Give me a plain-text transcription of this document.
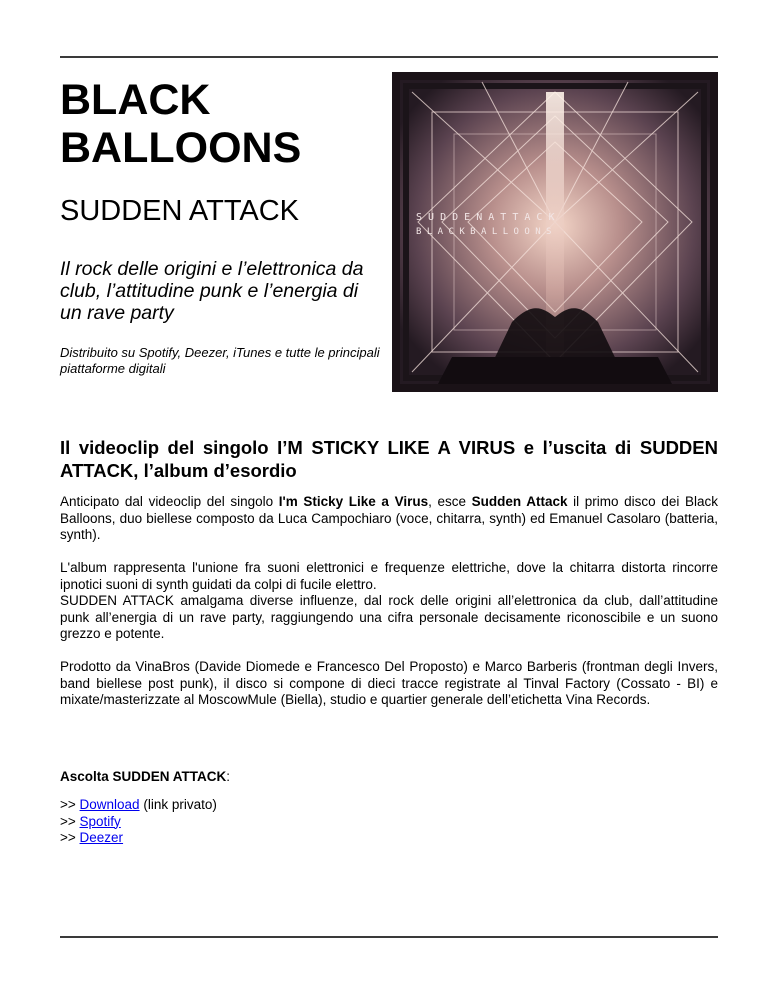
BLACK BALLOONS
SUDDEN ATTACK

Il rock delle origini e l’elettronica da club, l’attitudine punk e l’energia di un rave party

Distribuito su Spotify, Deezer, iTunes e tutte le principali piattaforme digitali

S U D D E N A T T A C K
B L A C K B A L L O O N S
Il videoclip del singolo I’M STICKY LIKE A VIRUS e l’uscita di SUDDEN ATTACK, l’album d’esordio

Anticipato dal videoclip del singolo I'm Sticky Like a Virus, esce Sudden Attack il primo disco dei Black Balloons, duo biellese composto da Luca Campochiaro (voce, chitarra, synth) ed Emanuel Casolaro (batteria, synth).

L'album rappresenta l'unione fra suoni elettronici e frequenze elettriche, dove la chitarra distorta rincorre ipnotici suoni di synth guidati da colpi di fucile elettro.
SUDDEN ATTACK amalgama diverse influenze, dal rock delle origini all’elettronica da club, dall’attitudine punk all’energia di un rave party, raggiungendo una cifra personale decisamente riconoscibile e un suono grezzo e potente.

Prodotto da VinaBros (Davide Diomede e Francesco Del Proposto) e Marco Barberis (frontman degli Invers, band biellese post punk), il disco si compone di dieci tracce registrate al Tinval Factory (Cossato - BI) e mixate/masterizzate al MoscowMule (Biella), studio e quartier generale dell’etichetta Vina Records.

Ascolta SUDDEN ATTACK:

>> Download (link privato)
>> Spotify
>> Deezer
